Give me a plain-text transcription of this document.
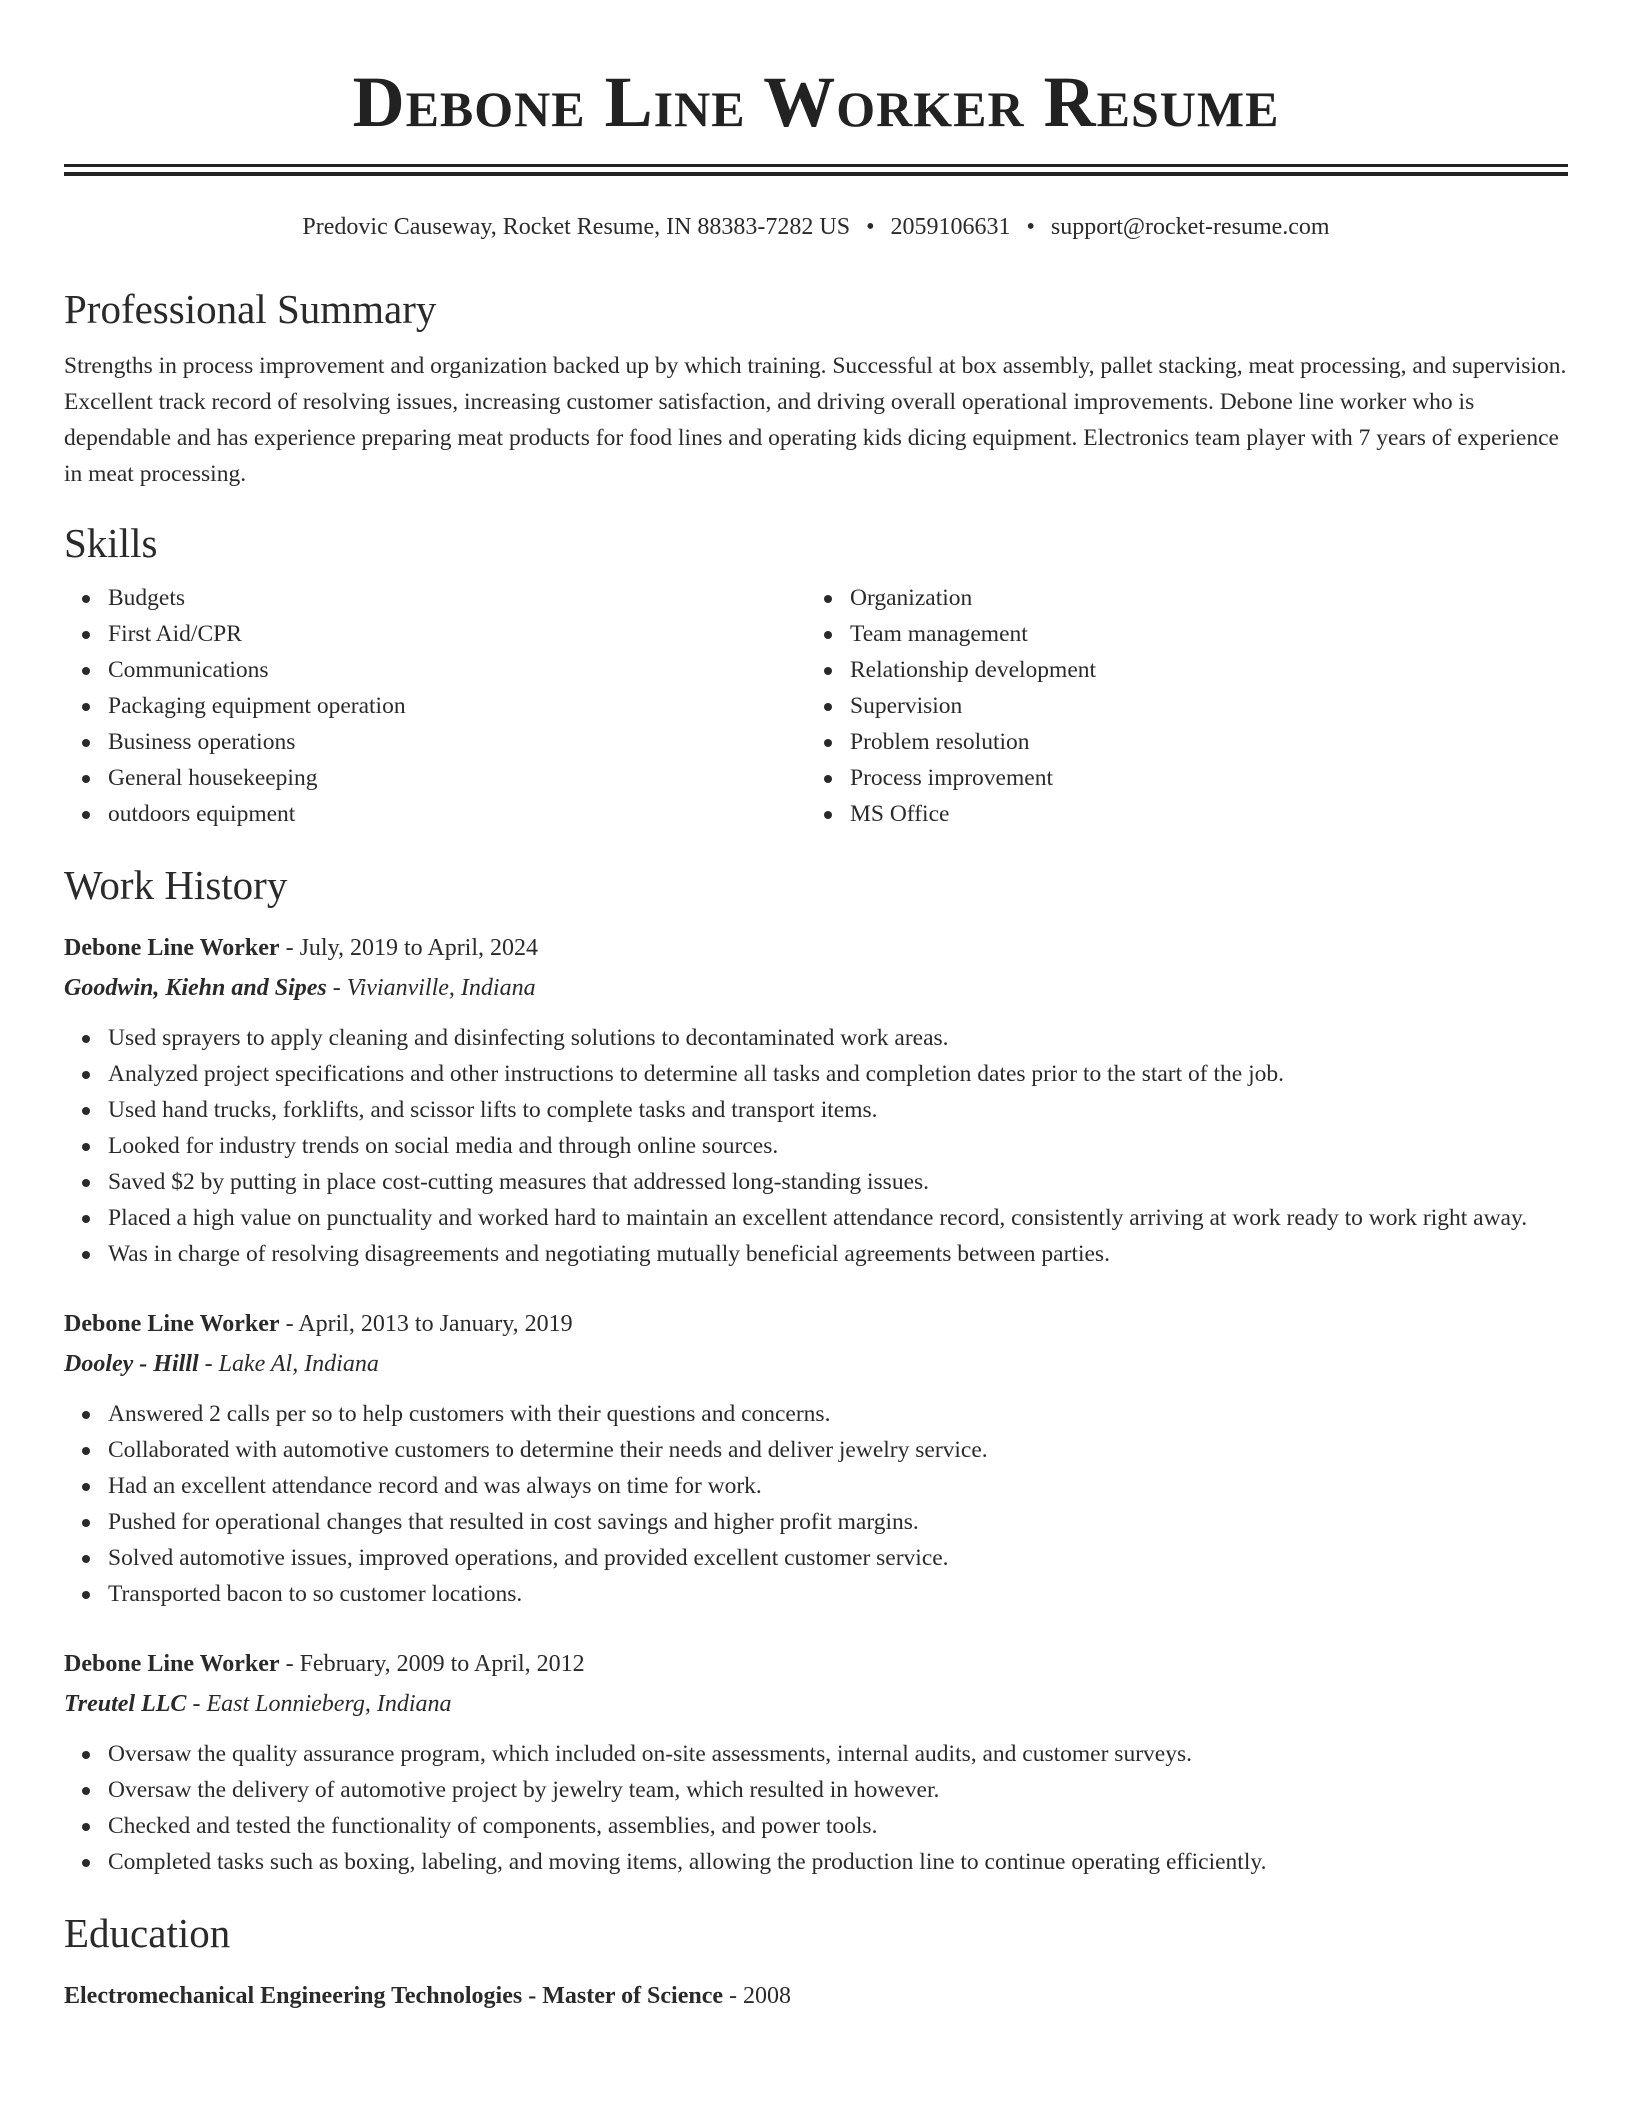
Debone Line Worker Resume
Predovic Causeway, Rocket Resume, IN 88383-7282 US • 2059106631 • support@rocket-resume.com
Professional Summary

Strengths in process improvement and organization backed up by which training. Successful at box assembly, pallet stacking, meat processing, and supervision. Excellent track record of resolving issues, increasing customer satisfaction, and driving overall operational improvements. Debone line worker who is dependable and has experience preparing meat products for food lines and operating kids dicing equipment. Electronics team player with 7 years of experience in meat processing.

Skills
Budgets
First Aid/CPR
Communications
Packaging equipment operation
Business operations
General housekeeping
outdoors equipment
Organization
Team management
Relationship development
Supervision
Problem resolution
Process improvement
MS Office
Work History
Debone Line Worker - July, 2019 to April, 2024
Goodwin, Kiehn and Sipes - Vivianville, Indiana
Used sprayers to apply cleaning and disinfecting solutions to decontaminated work areas.
Analyzed project specifications and other instructions to determine all tasks and completion dates prior to the start of the job.
Used hand trucks, forklifts, and scissor lifts to complete tasks and transport items.
Looked for industry trends on social media and through online sources.
Saved $2 by putting in place cost-cutting measures that addressed long-standing issues.
Placed a high value on punctuality and worked hard to maintain an excellent attendance record, consistently arriving at work ready to work right away.
Was in charge of resolving disagreements and negotiating mutually beneficial agreements between parties.
Debone Line Worker - April, 2013 to January, 2019
Dooley - Hilll - Lake Al, Indiana
Answered 2 calls per so to help customers with their questions and concerns.
Collaborated with automotive customers to determine their needs and deliver jewelry service.
Had an excellent attendance record and was always on time for work.
Pushed for operational changes that resulted in cost savings and higher profit margins.
Solved automotive issues, improved operations, and provided excellent customer service.
Transported bacon to so customer locations.
Debone Line Worker - February, 2009 to April, 2012
Treutel LLC - East Lonnieberg, Indiana
Oversaw the quality assurance program, which included on-site assessments, internal audits, and customer surveys.
Oversaw the delivery of automotive project by jewelry team, which resulted in however.
Checked and tested the functionality of components, assemblies, and power tools.
Completed tasks such as boxing, labeling, and moving items, allowing the production line to continue operating efficiently.
Education
Electromechanical Engineering Technologies - Master of Science - 2008
